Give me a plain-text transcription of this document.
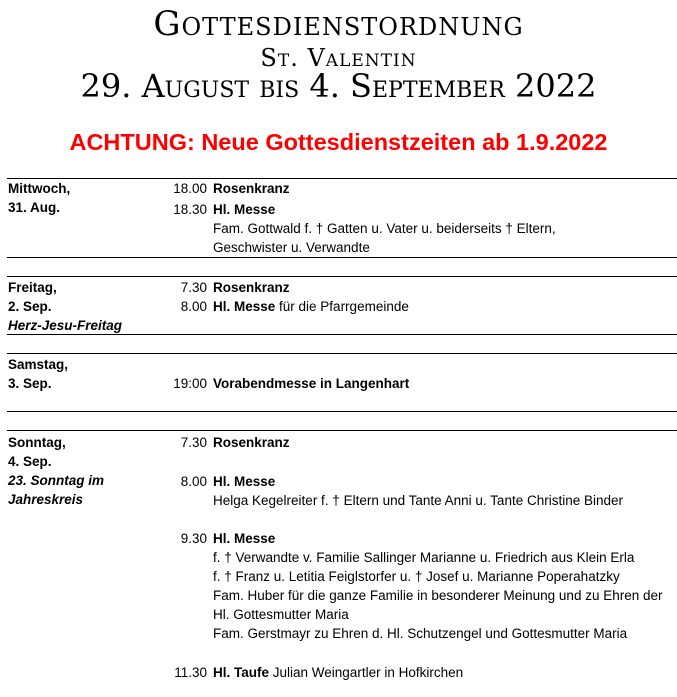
Gottesdienstordnung
St. Valentin
29. August bis 4. September 2022
ACHTUNG: Neue Gottesdienstzeiten ab 1.9.2022
Mittwoch,
31. Aug.
18.00 Rosenkranz
18.30 Hl. Messe
Fam. Gottwald f. † Gatten u. Vater u. beiderseits † Eltern,
Geschwister u. Verwandte
Freitag,
2. Sep.
Herz-Jesu-Freitag
7.30 Rosenkranz
8.00 Hl. Messe für die Pfarrgemeinde
Samstag,
3. Sep.	19:00 Vorabendmesse in Langenhart
Sonntag,
4. Sep.
23. Sonntag im
Jahreskreis
7.30 Rosenkranz
8.00 Hl. Messe
Helga Kegelreiter f. † Eltern und Tante Anni u. Tante Christine Binder
9.30 Hl. Messe
f. † Verwandte v. Familie Sallinger Marianne u. Friedrich aus Klein Erla
f. † Franz u. Letitia Feiglstorfer u. † Josef u. Marianne Poperahatzky
Fam. Huber für die ganze Familie in besonderer Meinung und zu Ehren der
Hl. Gottesmutter Maria
Fam. Gerstmayr zu Ehren d. Hl. Schutzengel und Gottesmutter Maria
11.30 Hl. Taufe Julian Weingartler in Hofkirchen
